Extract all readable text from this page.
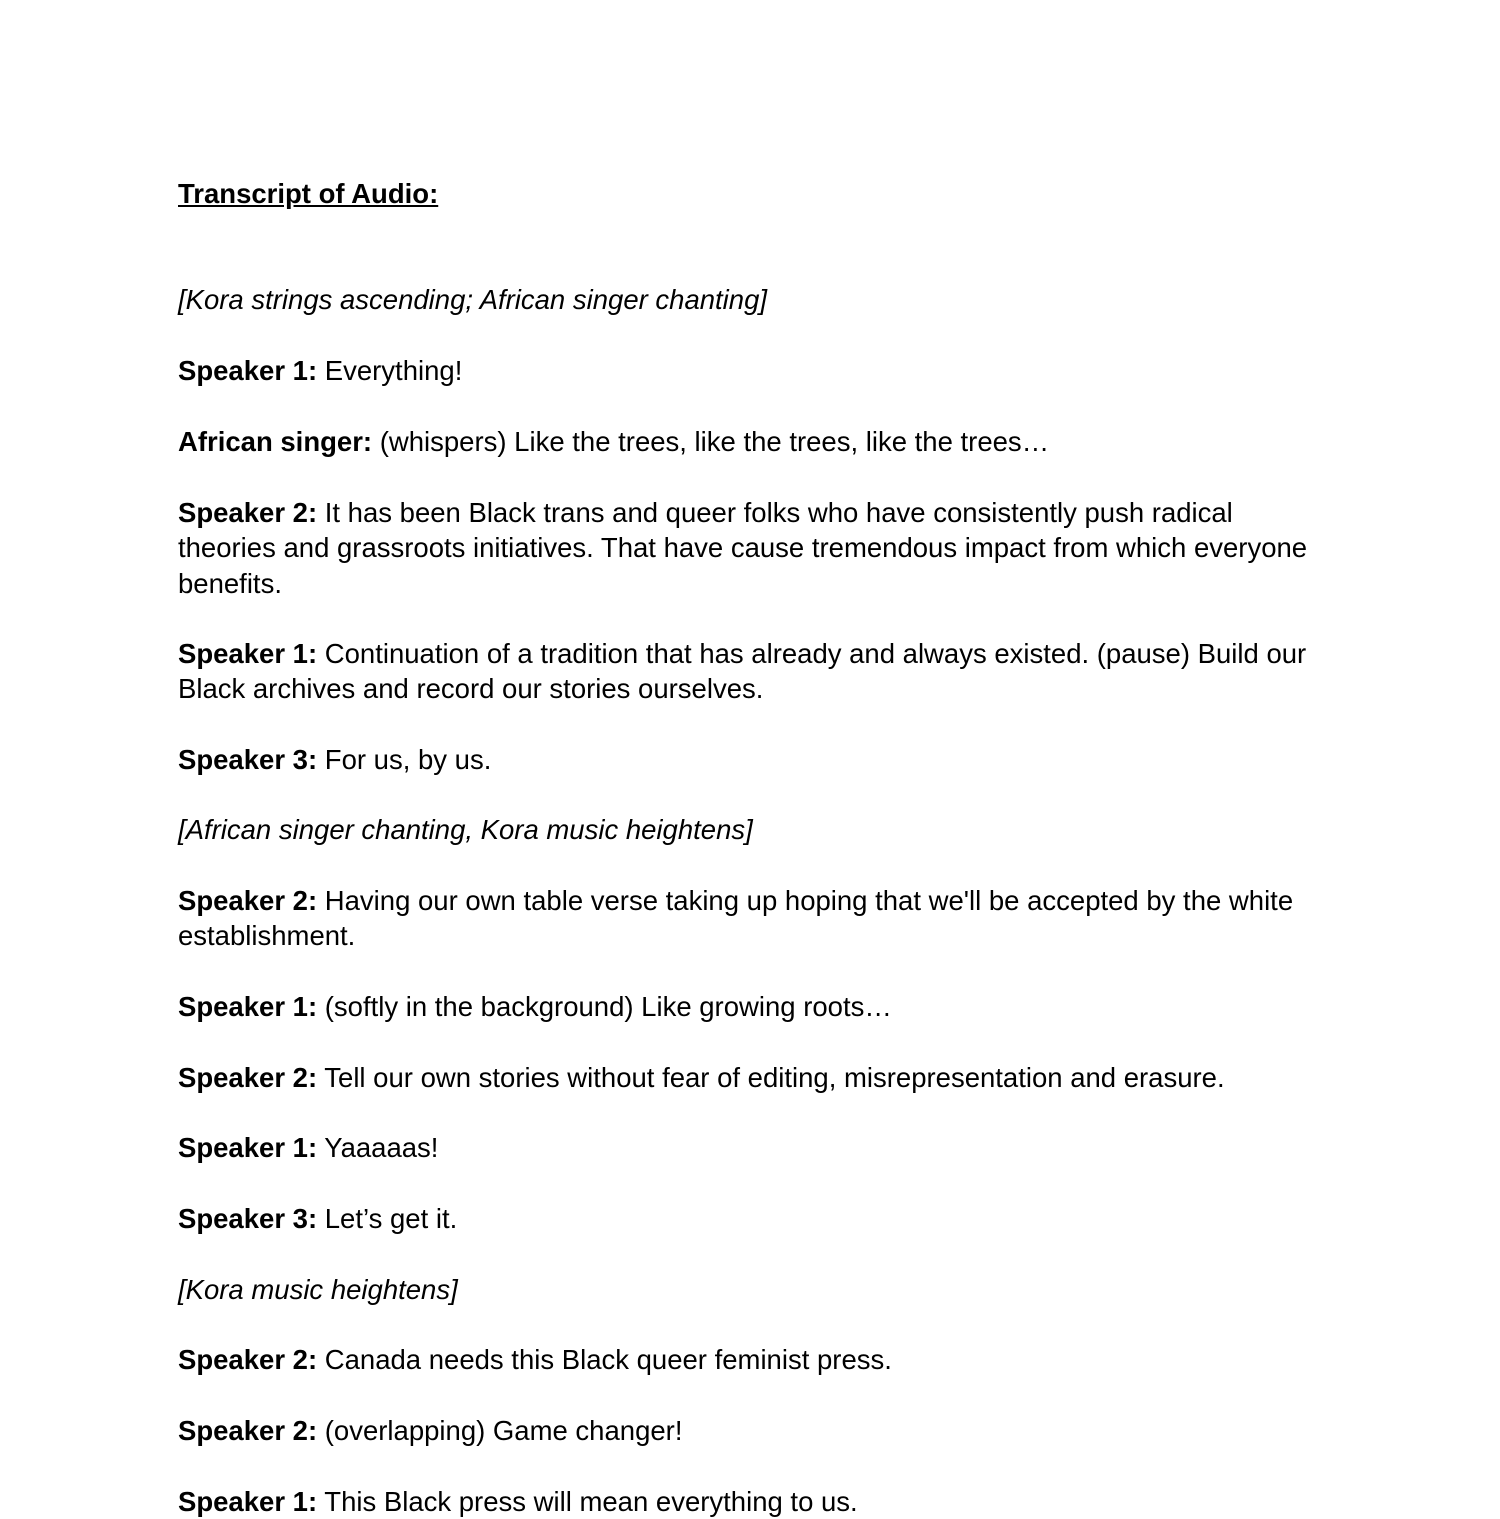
Transcript of Audio:
[Kora strings ascending; African singer chanting]
Speaker 1: Everything!
African singer: (whispers) Like the trees, like the trees, like the trees…
Speaker 2: It has been Black trans and queer folks who have consistently push radical theories and grassroots initiatives. That have cause tremendous impact from which everyone benefits.
Speaker 1: Continuation of a tradition that has already and always existed. (pause) Build our Black archives and record our stories ourselves.
Speaker 3: For us, by us.
[African singer chanting, Kora music heightens]
Speaker 2: Having our own table verse taking up hoping that we'll be accepted by the white establishment.
Speaker 1: (softly in the background) Like growing roots…
Speaker 2: Tell our own stories without fear of editing, misrepresentation and erasure.
Speaker 1: Yaaaaas!
Speaker 3: Let’s get it.
[Kora music heightens]
Speaker 2: Canada needs this Black queer feminist press.
Speaker 2: (overlapping) Game changer!
Speaker 1: This Black press will mean everything to us.
